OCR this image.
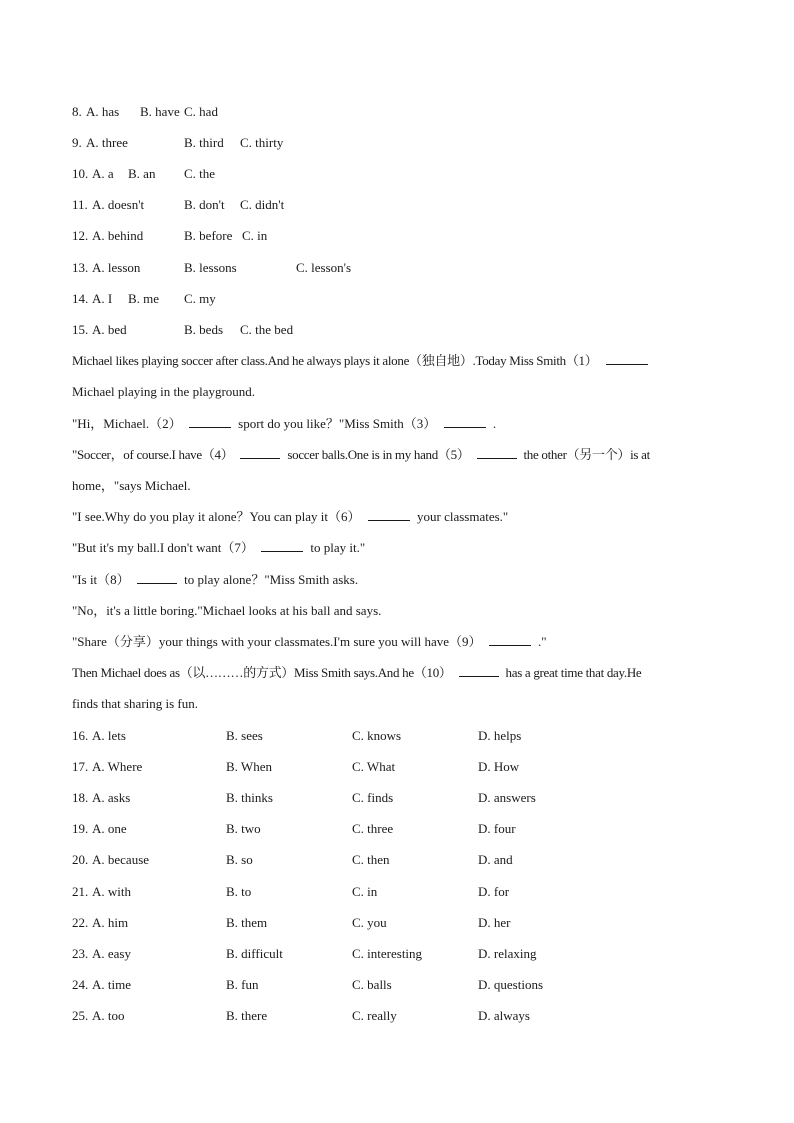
8. A. has B. have C. had
9. A. three	B. third C. thirty
10. A. a B. an C. the
11. A. doesn't	B. don't C. didn't
12. A. behind	B. before C. in
13. A. lesson	B. lessons	C. lesson's
14. A. I B. me C. my
15. A. bed	B. beds C. the bed
Michael likes playing soccer after class.And he always plays it alone（独自地）.Today Miss Smith（1）
Michael playing in the playground.
"Hi，Michael.（2）	sport do you like？"Miss Smith（3）	.
"Soccer，of course.I have（4）	soccer balls.One is in my hand（5）	the other（另一个）is at
home，"says Michael.
"I see.Why do you play it alone？You can play it（6）	your classmates."
"But it's my ball.I don't want（7）	to play it."
"Is it（8）	to play alone？"Miss Smith asks.
"No，it's a little boring."Michael looks at his ball and says.
"Share（分享）your things with your classmates.I'm sure you will have（9）	."
Then Michael does as（以………的方式）Miss Smith says.And he（10）	has a great time that day.He
finds that sharing is fun.
16. A. lets	B. sees	C. knows	D. helps
17. A. Where	B. When	C. What	D. How
18. A. asks	B. thinks	C. finds	D. answers
19. A. one	B. two	C. three	D. four
20. A. because	B. so	C. then	D. and
21. A. with	B. to	C. in	D. for
22. A. him	B. them	C. you	D. her
23. A. easy	B. difficult	C. interesting	D. relaxing
24. A. time	B. fun	C. balls	D. questions
25. A. too	B. there	C. really	D. always
